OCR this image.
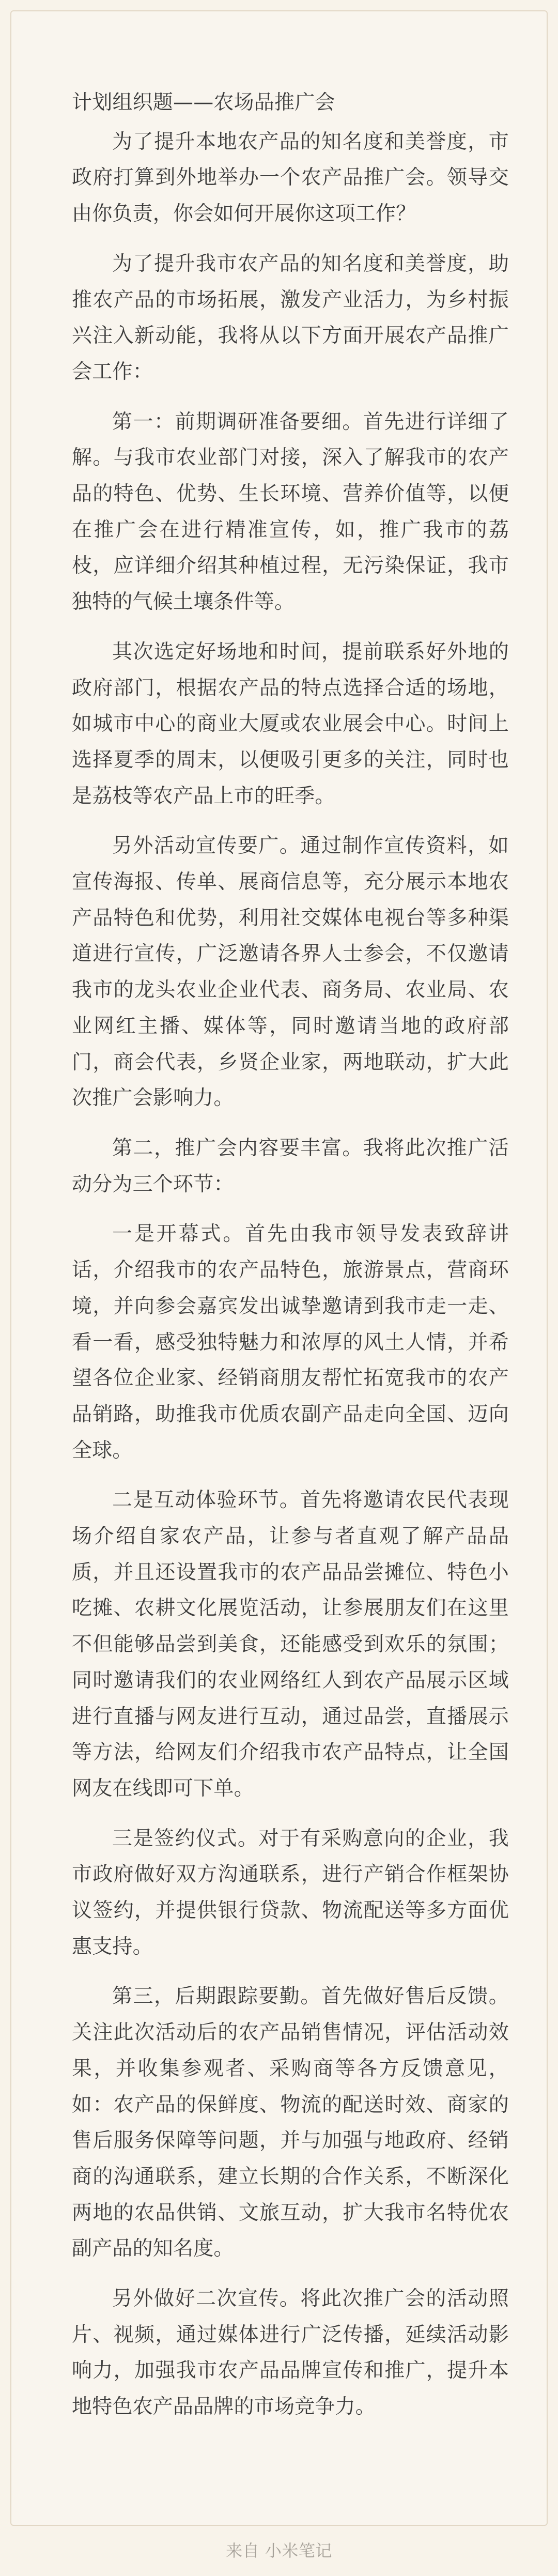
计划组织题——农场品推广会

为了提升本地农产品的知名度和美誉度，市政府打算到外地举办一个农产品推广会。领导交由你负责，你会如何开展你这项工作？

为了提升我市农产品的知名度和美誉度，助推农产品的市场拓展，激发产业活力，为乡村振兴注入新动能，我将从以下方面开展农产品推广会工作：

第一：前期调研准备要细。首先进行详细了解。与我市农业部门对接，深入了解我市的农产品的特色、优势、生长环境、营养价值等，以便在推广会在进行精准宣传，如，推广我市的荔枝，应详细介绍其种植过程，无污染保证，我市独特的气候土壤条件等。

其次选定好场地和时间，提前联系好外地的政府部门，根据农产品的特点选择合适的场地，如城市中心的商业大厦或农业展会中心。时间上选择夏季的周末，以便吸引更多的关注，同时也是荔枝等农产品上市的旺季。

另外活动宣传要广。通过制作宣传资料，如宣传海报、传单、展商信息等，充分展示本地农产品特色和优势，利用社交媒体电视台等多种渠道进行宣传，广泛邀请各界人士参会，不仅邀请我市的龙头农业企业代表、商务局、农业局、农业网红主播、媒体等，同时邀请当地的政府部门，商会代表，乡贤企业家，两地联动，扩大此次推广会影响力。

第二，推广会内容要丰富。我将此次推广活动分为三个环节：

一是开幕式。首先由我市领导发表致辞讲话，介绍我市的农产品特色，旅游景点，营商环境，并向参会嘉宾发出诚挚邀请到我市走一走、看一看，感受独特魅力和浓厚的风土人情，并希望各位企业家、经销商朋友帮忙拓宽我市的农产品销路，助推我市优质农副产品走向全国、迈向全球。

二是互动体验环节。首先将邀请农民代表现场介绍自家农产品，让参与者直观了解产品品质，并且还设置我市的农产品品尝摊位、特色小吃摊、农耕文化展览活动，让参展朋友们在这里不但能够品尝到美食，还能感受到欢乐的氛围；同时邀请我们的农业网络红人到农产品展示区域进行直播与网友进行互动，通过品尝，直播展示等方法，给网友们介绍我市农产品特点，让全国网友在线即可下单。

三是签约仪式。对于有采购意向的企业，我市政府做好双方沟通联系，进行产销合作框架协议签约，并提供银行贷款、物流配送等多方面优惠支持。

第三，后期跟踪要勤。首先做好售后反馈。关注此次活动后的农产品销售情况，评估活动效果，并收集参观者、采购商等各方反馈意见，如：农产品的保鲜度、物流的配送时效、商家的售后服务保障等问题，并与加强与地政府、经销商的沟通联系，建立长期的合作关系，不断深化两地的农品供销、文旅互动，扩大我市名特优农副产品的知名度。

另外做好二次宣传。将此次推广会的活动照片、视频，通过媒体进行广泛传播，延续活动影响力，加强我市农产品品牌宣传和推广，提升本地特色农产品品牌的市场竞争力。

来自 小米笔记
